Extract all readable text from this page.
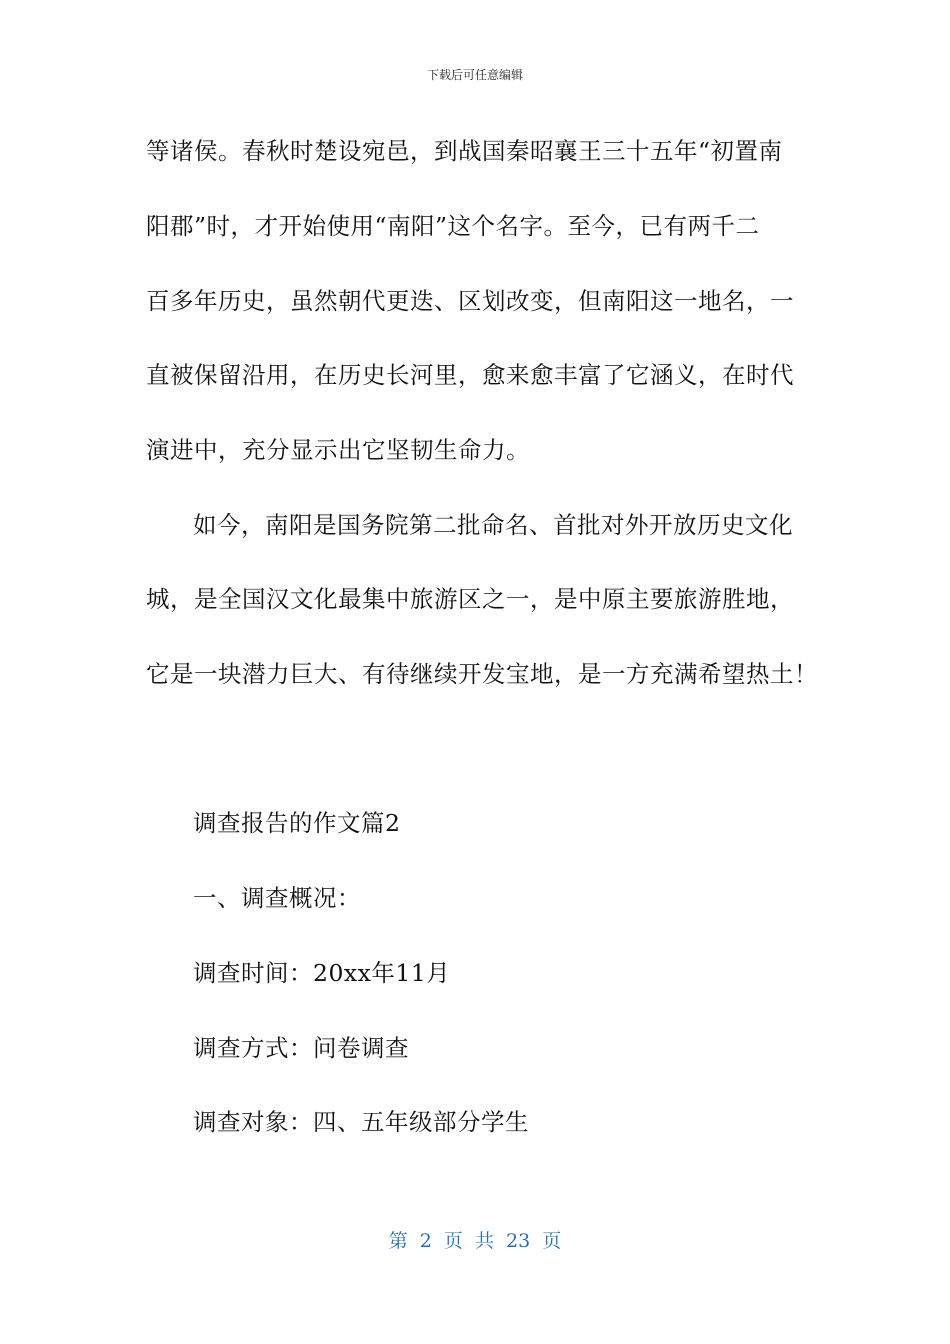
下载后可任意编辑
等诸侯。春秋时楚设宛邑，到战国秦昭襄王三十五年“初置南
阳郡”时，才开始使用“南阳”这个名字。至今，已有两千二
百多年历史，虽然朝代更迭、区划改变，但南阳这一地名，一
直被保留沿用，在历史长河里，愈来愈丰富了它涵义，在时代
演进中，充分显示出它坚韧生命力。
如今，南阳是国务院第二批命名、首批对外开放历史文化
城，是全国汉文化最集中旅游区之一，是中原主要旅游胜地，
它是一块潜力巨大、有待继续开发宝地，是一方充满希望热土！
调查报告的作文篇2
一、调查概况：
调查时间：20xx年11月
调查方式：问卷调查
调查对象：四、五年级部分学生
第 2 页 共 23 页
